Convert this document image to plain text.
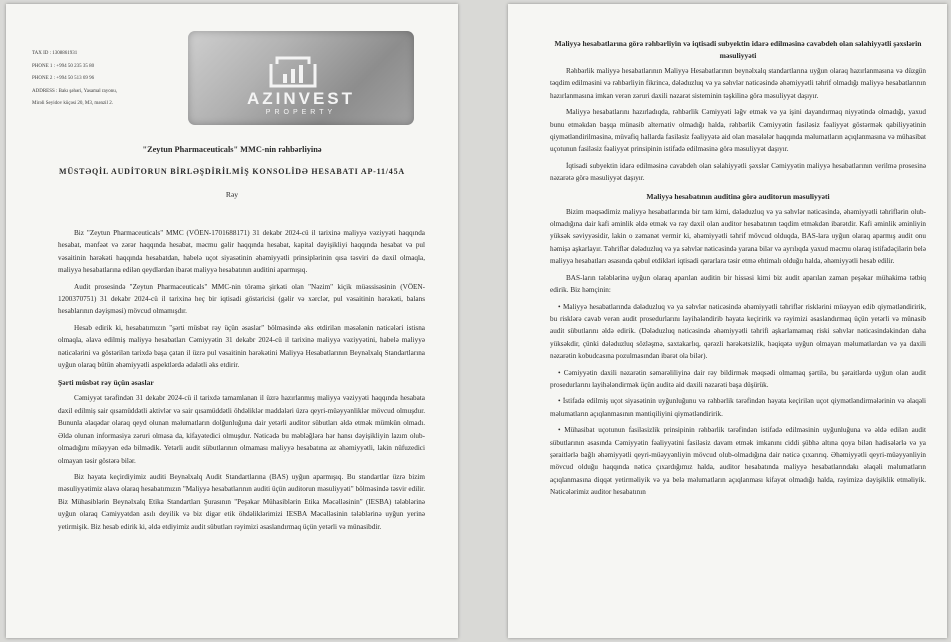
TAX ID : 1308861931
PHONE 1 : +994 50 235 35 80
PHONE 2 : +994 50 513 69 96
ADDRESS : Bakı şəhəri, Yasamal rayonu,
Mirəli Seyidov küçəsi 20, M3, mənzil 2.	AZINVEST
PROPERTY
"Zeytun Pharmaceuticals" MMC-nin rəhbərliyinə
MÜSTƏQİL AUDİTORUN BİRLƏŞDİRİLMİŞ KONSOLİDƏ HESABATI AP-11/45A
Rəy

Biz "Zeytun Pharmaceuticals" MMC (VÖEN-1701688171) 31 dekabr 2024-cü il tarixinə maliyyə vəziyyəti haqqında hesabat, mənfəət və zərər haqqında hesabat, məcmu gəlir haqqında hesabat, kapital dəyişikliyi haqqında hesabat və pul vəsaitinin hərəkəti haqqında hesabatdan, habelə uçot siyasətinin əhəmiyyətli prinsiplərinin qısa təsviri də daxil olmaqla, maliyyə hesabatlarına edilən qeydlərdən ibarət maliyyə hesabatının auditini aparmışıq.

Audit prosesində "Zeytun Pharmaceuticals" MMC-nin törəmə şirkəti olan "Nəzim" kiçik müəssisəsinin (VÖEN-1200370751) 31 dekabr 2024-cü il tarixinə heç bir iqtisadi göstəricisi (gəlir və xərclər, pul vəsaitinin hərəkəti, balans hesablarının dəyişməsi) mövcud olmamışdır.

Hesab edirik ki, hesabatımızın "şərti müsbət rəy üçün əsaslar" bölməsində əks etdirilən məsələnin nəticələri istisna olmaqla, əlavə edilmiş maliyyə hesabatları Cəmiyyətin 31 dekabr 2024-cü il tarixinə maliyyə vəziyyətini, habelə maliyyə nəticələrini və göstərilən tarixdə başa çatan il üzrə pul vəsaitinin hərəkətini Maliyyə Hesabatlarının Beynəlxalq Standartlarına uyğun olaraq bütün əhəmiyyətli aspektlərdə ədalətli əks etdirir.

Şərti müsbət rəy üçün əsaslar

Cəmiyyət tərəfindən 31 dekabr 2024-cü il tarixdə tamamlanan il üzrə hazırlanmış maliyyə vəziyyəti haqqında hesabata daxil edilmiş sair qısamüddətli aktivlər və sair qısamüddətli öhdəliklər maddələri üzrə qeyri-müəyyənliklər mövcud olmuşdur. Bununla əlaqədar olaraq qeyd olunan məlumatların dolğunluğuna dair yetərli auditor sübutları əldə etmək mümkün olmadı. Əldə olunan informasiya zəruri olmasa da, kifayətedici olmuşdur. Nəticədə bu məbləğlərə hər hansı dəyişikliyin lazım olub-olmadığını müəyyən edə bilmədik. Yetərli audit sübutlarının olmaması maliyyə hesabatına az əhəmiyyətli, lakin nüfuzedici olmayan təsir göstərə bilər.

Biz həyata keçirdiyimiz auditi Beynəlxalq Audit Standartlarına (BAS) uyğun aparmışıq. Bu standartlar üzrə bizim məsuliyyətimiz əlavə olaraq hesabatımızın "Maliyyə hesabatlarının auditi üçün auditorun məsuliyyəti" bölməsində təsvir edilir. Biz Mühasiblərin Beynəlxalq Etika Standartları Şurasının "Peşəkar Mühasiblərin Etika Məcəlləsinin" (IESBA) tələblərinə uyğun olaraq Cəmiyyətdən asılı deyilik və biz digər etik öhdəliklərimizi IESBA Məcəlləsinin tələblərinə uyğun yerinə yetirmişik. Biz hesab edirik ki, əldə etdiyimiz audit sübutları rəyimizi əsaslandırmaq üçün yetərli və münasibdir.

Maliyyə hesabatlarına görə rəhbərliyin və iqtisadi subyektin idarə edilməsinə cavabdeh olan səlahiyyətli şəxslərin məsuliyyəti

Rəhbərlik maliyyə hesabatlarının Maliyyə Hesabatlarının beynəlxalq standartlarına uyğun olaraq hazırlanmasına və düzgün təqdim edilməsini və rəhbərliyin fikrincə, dələduzluq və ya səhvlər nəticəsində əhəmiyyətli təhrif olmadığı maliyyə hesabatlarının hazırlanmasına imkan verən zəruri daxili nəzarət sisteminin təşkilinə görə məsuliyyət daşıyır.

Maliyyə hesabatlarını hazırladıqda, rəhbərlik Cəmiyyəti ləğv etmək və ya işini dayandırmaq niyyətində olmadığı, yaxud bunu etməkdən başqa münasib alternativ olmadığı halda, rəhbərlik Cəmiyyətin fasiləsiz fəaliyyət göstərmək qabiliyyətinin qiymətləndirilməsinə, müvafiq hallarda fasiləsiz fəaliyyətə aid olan məsələlər haqqında məlumatların açıqlanmasına və mühasibat uçotunun fasiləsiz fəaliyyət prinsipinin istifadə edilməsinə görə məsuliyyət daşıyır.

İqtisadi subyektin idarə edilməsinə cavabdeh olan səlahiyyətli şəxslər Cəmiyyətin maliyyə hesabatlarının verilmə prosesinə nəzarətə görə məsuliyyət daşıyır.

Maliyyə hesabatının auditinə görə auditorun məsuliyyəti

Bizim məqsədimiz maliyyə hesabatlarında bir tam kimi, dələduzluq və ya səhvlər nəticəsində, əhəmiyyətli təhriflərin olub-olmadığına dair kafi əminlik əldə etmək və rəy daxil olan auditor hesabatının təqdim etməkdən ibarətdir. Kafi əminlik əminliyin yüksək səviyyəsidir, lakin o zəmanət vermir ki, əhəmiyyətli təhrif mövcud olduqda, BAS-lara uyğun olaraq aparmış audit onu həmişə aşkarlayır. Təhriflər dələduzluq və ya səhvlər nəticəsində yarana bilər və ayrılıqda yaxud məcmu olaraq istifadəçilərin belə maliyyə hesabatları əsasında qəbul etdikləri iqtisadi qərarlara təsir etmə ehtimalı olduğu halda, əhəmiyyətli hesab edilir.

BAS-ların tələblərinə uyğun olaraq aparılan auditin bir hissəsi kimi biz audit aparılan zaman peşəkar mühakimə tətbiq edirik. Biz həmçinin:

• Maliyyə hesabatlarında dələduzluq və ya səhvlər nəticəsində əhəmiyyətli təhriflər risklərini müəyyən edib qiymətləndiririk, bu risklərə cavab verən audit prosedurlarını layihələndirib həyata keçiririk və rəyimizi əsaslandırmaq üçün yetərli və münasib audit sübutlarını əldə edirik. (Dələduzluq nəticəsində əhəmiyyətli təhrifi aşkarlamamaq riski səhvlər nəticəsindəkindən daha yüksəkdir, çünki dələduzluq sözləşmə, saxtakarlıq, qərəzli hərəkətsizlik, həqiqətə uyğun olmayan məlumatlardan və ya daxili nəzarətin kobudcasına pozulmasından ibarət ola bilər).

• Cəmiyyətin daxili nəzarətin səmərəliliyinə dair rəy bildirmək məqsədi olmamaq şərtilə, bu şəraitlərdə uyğun olan audit prosedurlarını layihələndirmək üçün auditə aid daxili nəzarəti başa düşürük.

• İstifadə edilmiş uçot siyasətinin uyğunluğunu və rəhbərlik tərəfindən həyata keçirilən uçot qiymətləndirmələrinin və əlaqəli məlumatların açıqlanmasının məntiqiliyini qiymətləndiririk.

• Mühasibat uçotunun fasiləsizlik prinsipinin rəhbərlik tərəfindən istifadə edilməsinin uyğunluğuna və əldə edilən audit sübutlarının əsasında Cəmiyyətin fəaliyyətini fasiləsiz davam etmək imkanını ciddi şübhə altına qoya bilən hadisələrlə və ya şəraitlərlə bağlı əhəmiyyətli qeyri-müəyyənliyin mövcud olub-olmadığına dair nəticə çıxarırıq. Əhəmiyyətli qeyri-müəyyənliyin mövcud olduğu haqqında nəticə çıxardığımız halda, auditor hesabatında maliyyə hesabatlarındakı əlaqəli məlumatların açıqlanmasına diqqət yetirməliyik və ya belə məlumatların açıqlanması kifayət olmadığı halda, rəyimizə dəyişiklik etməliyik. Nəticələrimiz auditor hesabatının
